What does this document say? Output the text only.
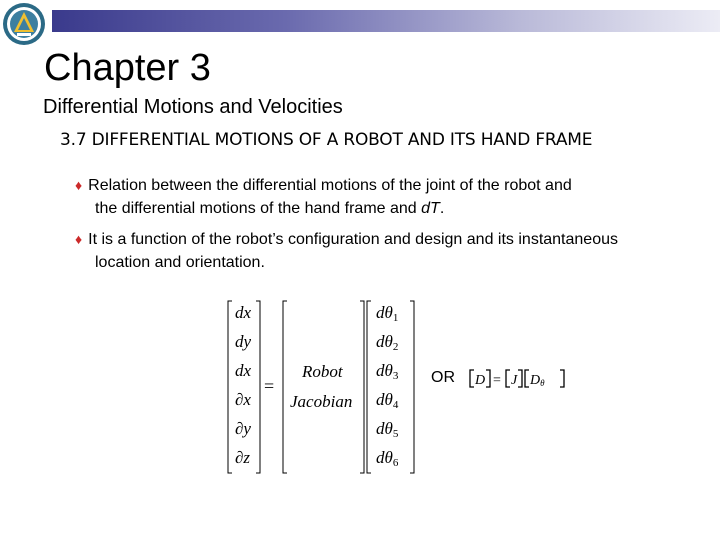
Chapter 3
Differential Motions and Velocities
3.7 DIFFERENTIAL MOTIONS OF A ROBOT AND ITS HAND FRAME
♦ Relation between the differential motions of the joint of the robot and
the differential motions of the hand frame and dT.
♦ It is a function of the robot’s configuration and design and its instantaneous
location and orientation.
dx
dy
dx
∂x
∂y
∂z
=
Robot
Jacobian
dθ1
dθ2
dθ3
dθ4
dθ5
dθ6
D = J Dθ
OR
